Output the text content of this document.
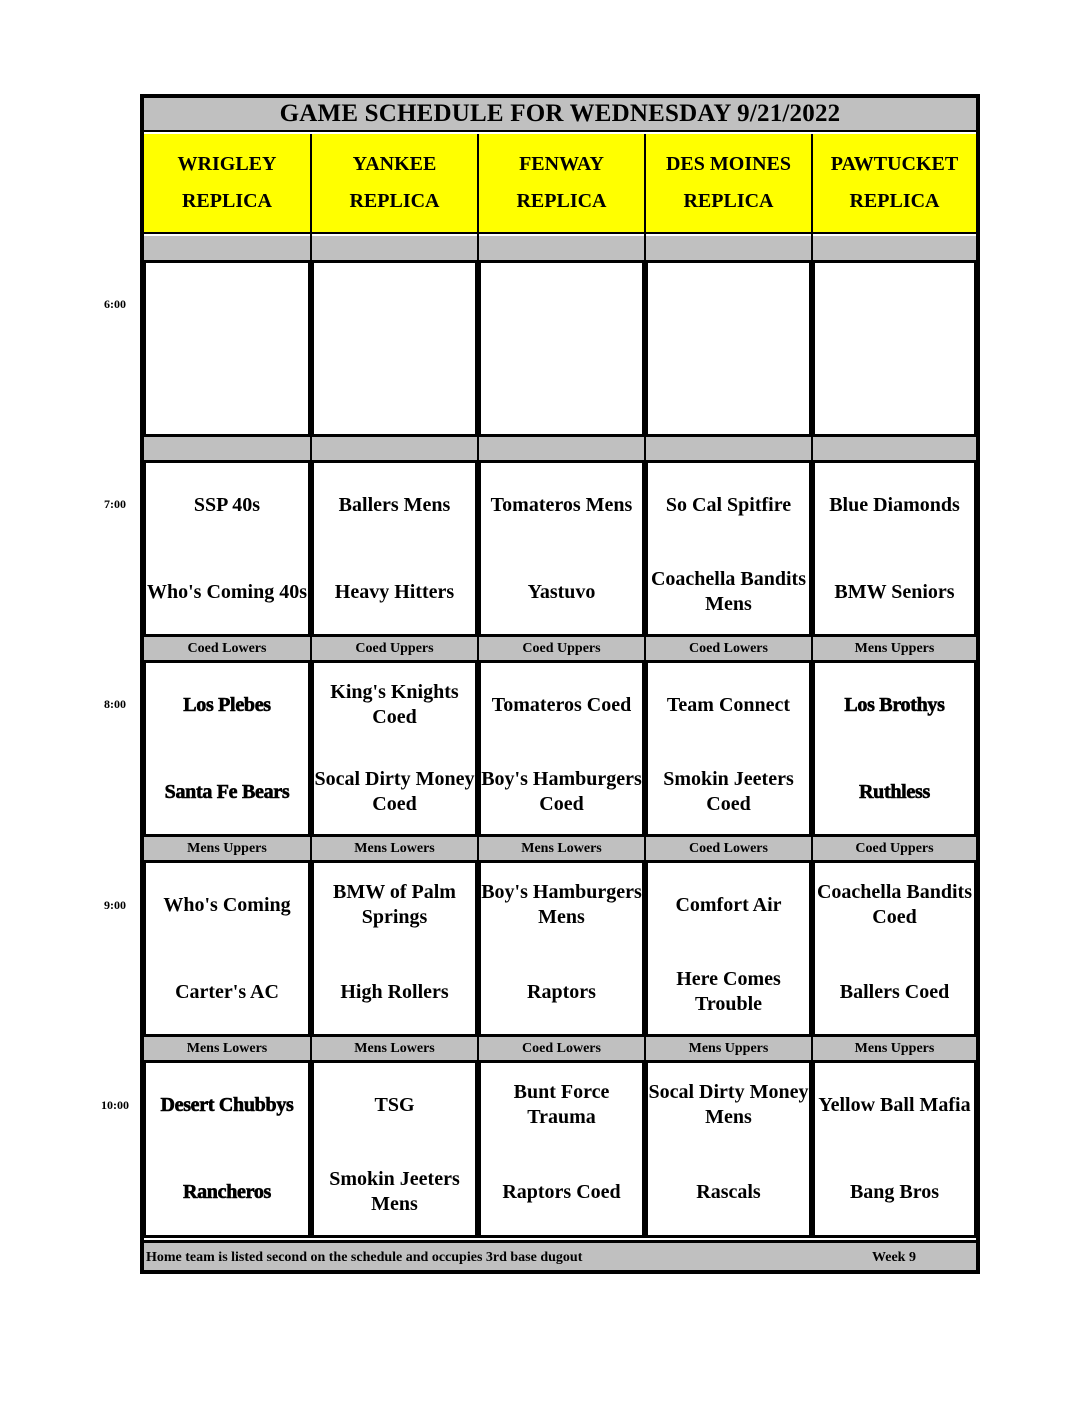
6:00
7:00
8:00
9:00
10:00
GAME SCHEDULE FOR WEDNESDAY 9/21/2022
WRIGLEY
REPLICA
YANKEE
REPLICA
FENWAY
REPLICA
DES MOINES
REPLICA
PAWTUCKET
REPLICA
SSP 40s
Who's Coming 40s
Ballers Mens
Heavy Hitters
Tomateros Mens
Yastuvo
So Cal Spitfire
Coachella Bandits Mens
Blue Diamonds
BMW Seniors
Coed Lowers
Los Plebes
Santa Fe Bears
Coed Uppers
King's Knights Coed
Socal Dirty Money Coed
Coed Uppers
Tomateros Coed
Boy's Hamburgers Coed
Coed Lowers
Team Connect
Smokin Jeeters Coed
Mens Uppers
Los Brothys
Ruthless
Mens Uppers
Who's Coming
Carter's AC
Mens Lowers
BMW of Palm Springs
High Rollers
Mens Lowers
Boy's Hamburgers Mens
Raptors
Coed Lowers
Comfort Air
Here Comes Trouble
Coed Uppers
Coachella Bandits Coed
Ballers Coed
Mens Lowers
Desert Chubbys
Rancheros
Mens Lowers
TSG
Smokin Jeeters Mens
Coed Lowers
Bunt Force Trauma
Raptors Coed
Mens Uppers
Socal Dirty Money Mens
Rascals
Mens Uppers
Yellow Ball Mafia
Bang Bros
Home team is listed second on the schedule and occupies 3rd base dugout	Week 9
